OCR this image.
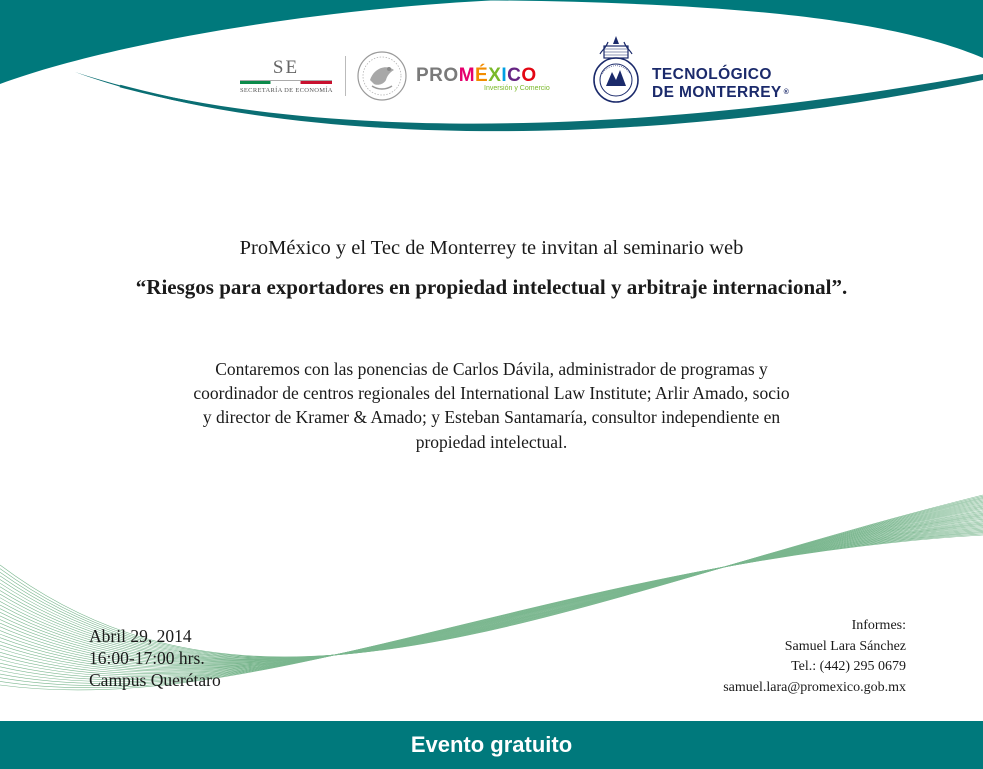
SE
SECRETARÍA DE ECONOMÍA
PROMÉXICO
Inversión y Comercio
TECNOLÓGICO
DE MONTERREY ®
ProMéxico y el Tec de Monterrey te invitan al seminario web
“Riesgos para exportadores en propiedad intelectual y arbitraje internacional”.
Contaremos con las ponencias de Carlos Dávila, administrador de programas y
coordinador de centros regionales del International Law Institute; Arlir Amado, socio
y director de Kramer & Amado; y Esteban Santamaría, consultor independiente en
propiedad intelectual.
Abril 29, 2014
16:00-17:00 hrs.
Campus Querétaro
Informes:
Samuel Lara Sánchez
Tel.: (442) 295 0679
samuel.lara@promexico.gob.mx
Evento gratuito
